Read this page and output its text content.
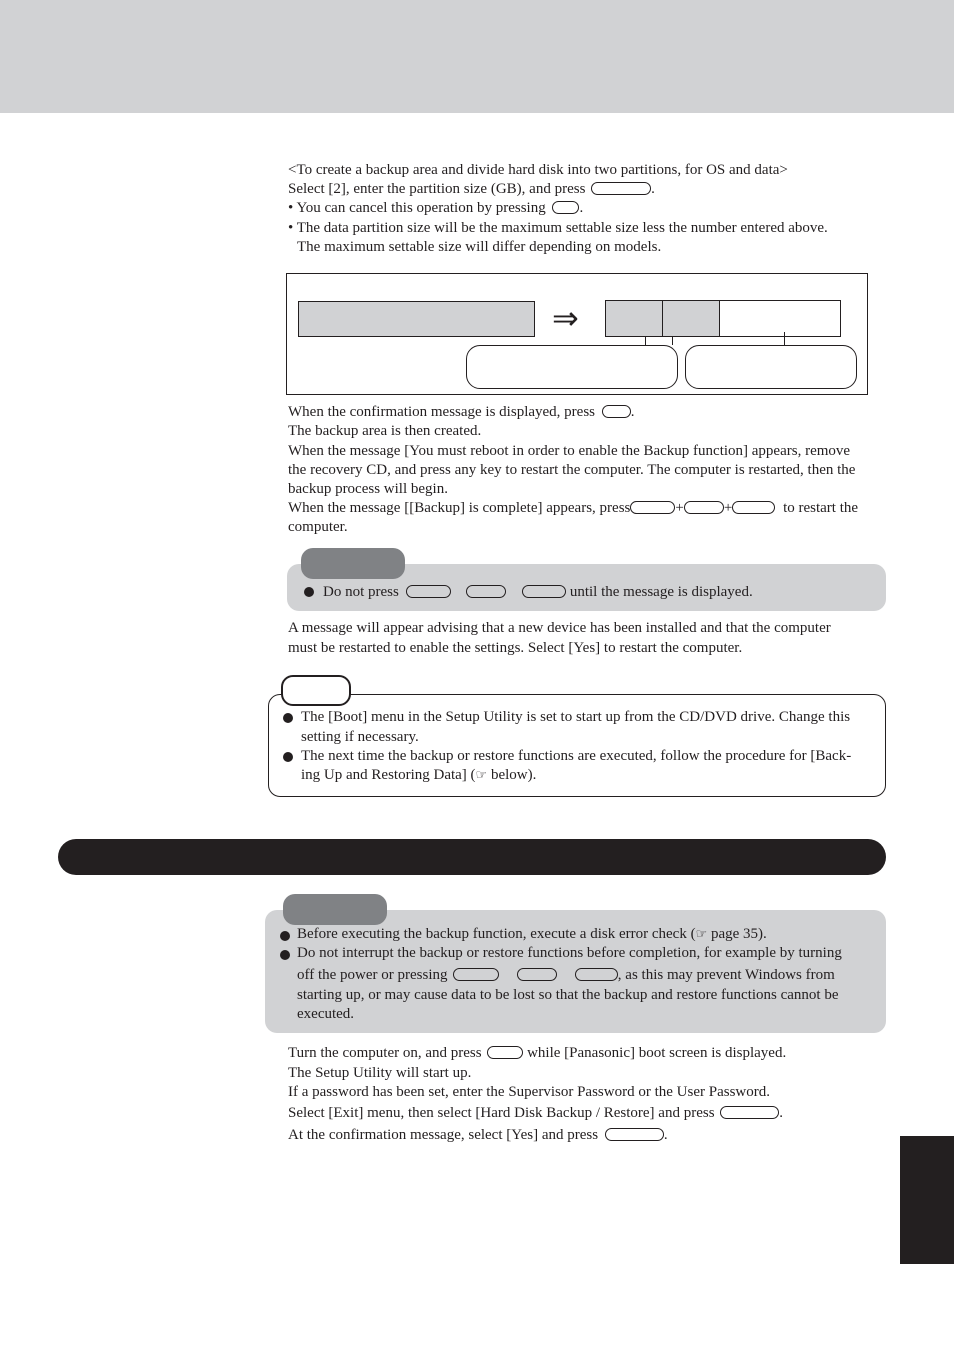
<To create a backup area and divide hard disk into two partitions, for OS and data>
Select [2], enter the partition size (GB), and press	.
• You can cancel this operation by pressing .
• The data partition size will be the maximum settable size less the number entered above.
The maximum settable size will differ depending on models.
⇒
When the confirmation message is displayed, press .
The backup area is then created.
When the message [You must reboot in order to enable the Backup function] appears, remove
the recovery CD, and press any key to restart the computer. The computer is restarted, then the
backup process will begin.
When the message [[Backup] is complete] appears, press	+	+	to restart the
computer.
Do not press	until the message is displayed.
A message will appear advising that a new device has been installed and that the computer
must be restarted to enable the settings. Select [Yes] to restart the computer.
The [Boot] menu in the Setup Utility is set to start up from the CD/DVD drive. Change this
setting if necessary.
The next time the backup or restore functions are executed, follow the procedure for [Back-
ing Up and Restoring Data] (☞ below).
Before executing the backup function, execute a disk error check (☞ page 35).
Do not interrupt the backup or restore functions before completion, for example by turning
off the power or pressing	, as this may prevent Windows from
starting up, or may cause data to be lost so that the backup and restore functions cannot be
executed.
Turn the computer on, and press	while [Panasonic] boot screen is displayed.
The Setup Utility will start up.
If a password has been set, enter the Supervisor Password or the User Password.
Select [Exit] menu, then select [Hard Disk Backup / Restore] and press	.
At the confirmation message, select [Yes] and press	.
